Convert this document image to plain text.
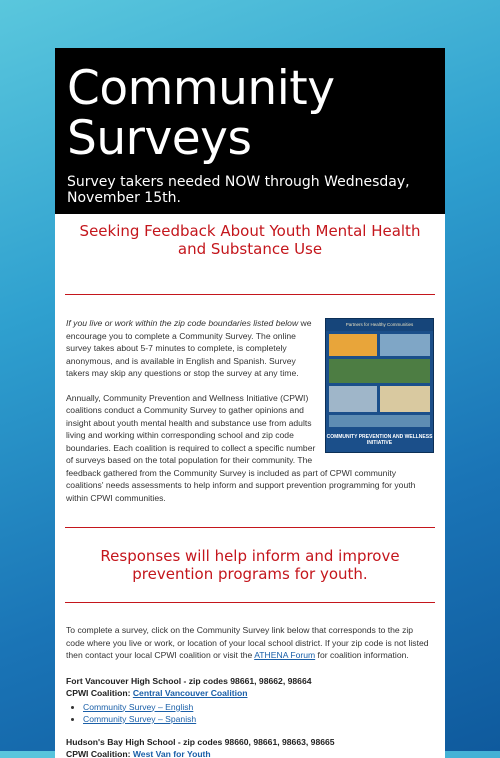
Community Surveys
Survey takers needed NOW through Wednesday, November 15th.
Seeking Feedback About Youth Mental Health and Substance Use
Partners for Healthy Communities
COMMUNITY PREVENTION AND WELLNESS INITIATIVE

If you live or work within the zip code boundaries listed below we encourage you to complete a Community Survey. The online survey takes about 5-7 minutes to complete, is completely anonymous, and is available in English and Spanish. Survey takers may skip any questions or stop the survey at any time.

Annually, Community Prevention and Wellness Initiative (CPWI) coalitions conduct a Community Survey to gather opinions and insight about youth mental health and substance use from adults living and working within corresponding school and zip code boundaries. Each coalition is required to collect a specific number of surveys based on the total population for their community. The feedback gathered from the Community Survey is included as part of CPWI community coalitions' needs assessments to help inform and support prevention programming for youth within CPWI communities.

Responses will help inform and improve prevention programs for youth.

To complete a survey, click on the Community Survey link below that corresponds to the zip code where you live or work, or location of your local school district. If your zip code is not listed then contact your local CPWI coalition or visit the ATHENA Forum for coalition information.

Fort Vancouver High School - zip codes 98661, 98662, 98664
CPWI Coalition: Central Vancouver Coalition
• Community Survey – English
• Community Survey – Spanish
Hudson's Bay High School - zip codes 98660, 98661, 98663, 98665
CPWI Coalition: West Van for Youth
